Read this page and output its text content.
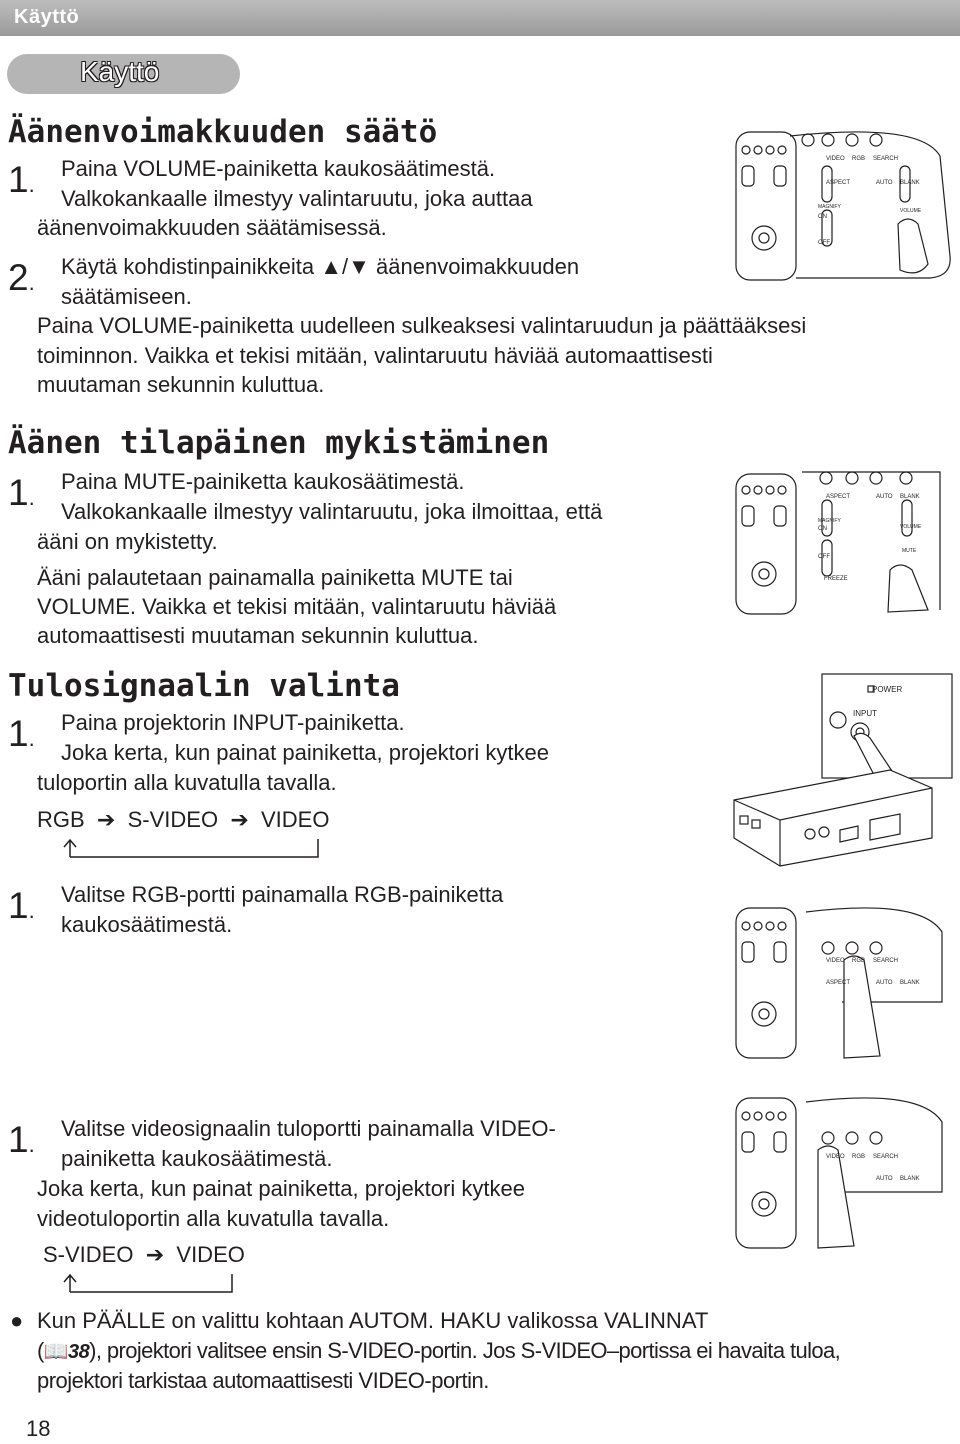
Käyttö
Käyttö
Äänenvoimakkuuden säätö
1.
Paina VOLUME-painiketta kaukosäätimestä.
Valkokankaalle ilmestyy valintaruutu, joka auttaa
äänenvoimakkuuden säätämisessä.
2.
Käytä kohdistinpainikkeita ▲/▼ äänenvoimakkuuden
säätämiseen.
Paina VOLUME-painiketta uudelleen sulkeaksesi valintaruudun ja päättääksesi
toiminnon. Vaikka et tekisi mitään, valintaruutu häviää automaattisesti
muutaman sekunnin kuluttua.
VIDEO RGB SEARCH
ASPECT	AUTO BLANK
MAGNIFY
ON
OFF
VOLUME
Äänen tilapäinen mykistäminen
1.
Paina MUTE-painiketta kaukosäätimestä.
Valkokankaalle ilmestyy valintaruutu, joka ilmoittaa, että
ääni on mykistetty.
Ääni palautetaan painamalla painiketta MUTE tai
VOLUME. Vaikka et tekisi mitään, valintaruutu häviää
automaattisesti muutaman sekunnin kuluttua.
ASPECT	AUTO BLANK
MAGNIFY
ON
OFF
VOLUME
MUTE
FREEZE
Tulosignaalin valinta
1.
Paina projektorin INPUT-painiketta.
Joka kerta, kun painat painiketta, projektori kytkee
tuloportin alla kuvatulla tavalla.
RGB  ➔  S-VIDEO  ➔  VIDEO
POWER
INPUT
1.
Valitse RGB-portti painamalla RGB-painiketta
kaukosäätimestä.
VIDEO RGB SEARCH
ASPECT	AUTO BLANK
1.
Valitse videosignaalin tuloportti painamalla VIDEO-
painiketta kaukosäätimestä.
Joka kerta, kun painat painiketta, projektori kytkee
videotuloportin alla kuvatulla tavalla.
S-VIDEO  ➔  VIDEO
VIDEO RGB SEARCH
AUTO BLANK
● Kun PÄÄLLE on valittu kohtaan AUTOM. HAKU valikossa VALINNAT
(📖38), projektori valitsee ensin S-VIDEO-portin. Jos S-VIDEO–portissa ei havaita tuloa,
projektori tarkistaa automaattisesti VIDEO-portin.
18
